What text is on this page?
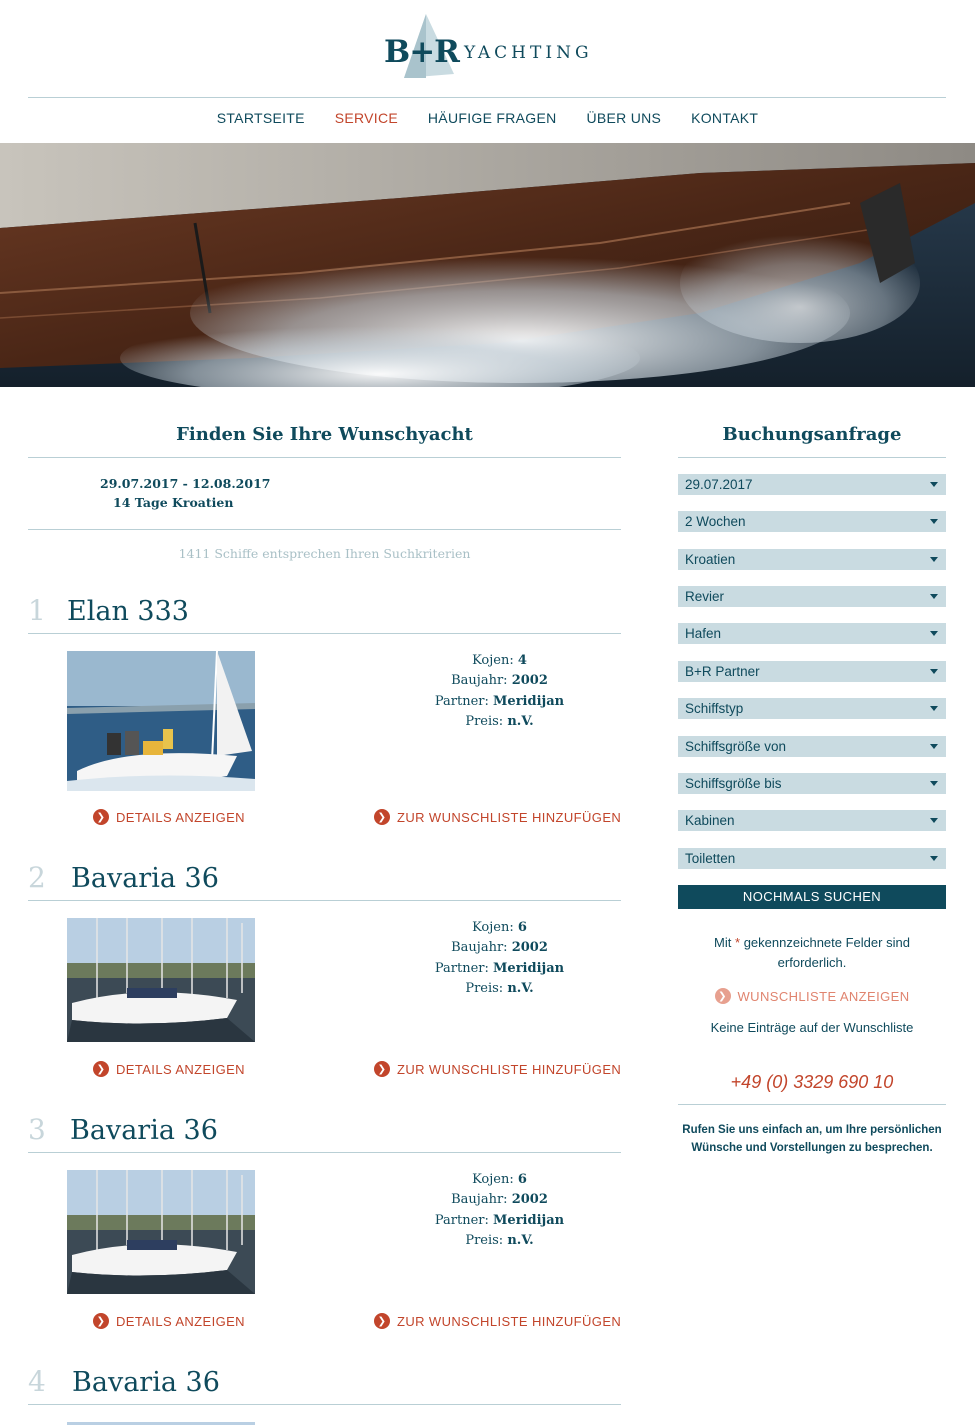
B+R YACHTING
STARTSEITE SERVICE HÄUFIGE FRAGEN ÜBER UNS KONTAKT
Finden Sie Ihre Wunschyacht
29.07.2017 - 12.08.2017
14 Tage Kroatien
1411 Schiffe entsprechen Ihren Suchkriterien
1 Elan 333
Kojen: 4
Baujahr: 2002
Partner: Meridijan
Preis: n.V.
❯ DETAILS ANZEIGEN	❯ ZUR WUNSCHLISTE HINZUFÜGEN
2 Bavaria 36
Kojen: 6
Baujahr: 2002
Partner: Meridijan
Preis: n.V.
❯ DETAILS ANZEIGEN	❯ ZUR WUNSCHLISTE HINZUFÜGEN
3 Bavaria 36
Kojen: 6
Baujahr: 2002
Partner: Meridijan
Preis: n.V.
❯ DETAILS ANZEIGEN	❯ ZUR WUNSCHLISTE HINZUFÜGEN
4 Bavaria 36
Buchungsanfrage
29.07.2017
2 Wochen
Kroatien
Revier
Hafen
B+R Partner
Schiffstyp
Schiffsgröße von
Schiffsgröße bis
Kabinen
Toiletten
NOCHMALS SUCHEN
Mit * gekennzeichnete Felder sind erforderlich.
❯ WUNSCHLISTE ANZEIGEN
Keine Einträge auf der Wunschliste
+49 (0) 3329 690 10
Rufen Sie uns einfach an, um Ihre persönlichen Wünsche und Vorstellungen zu besprechen.
